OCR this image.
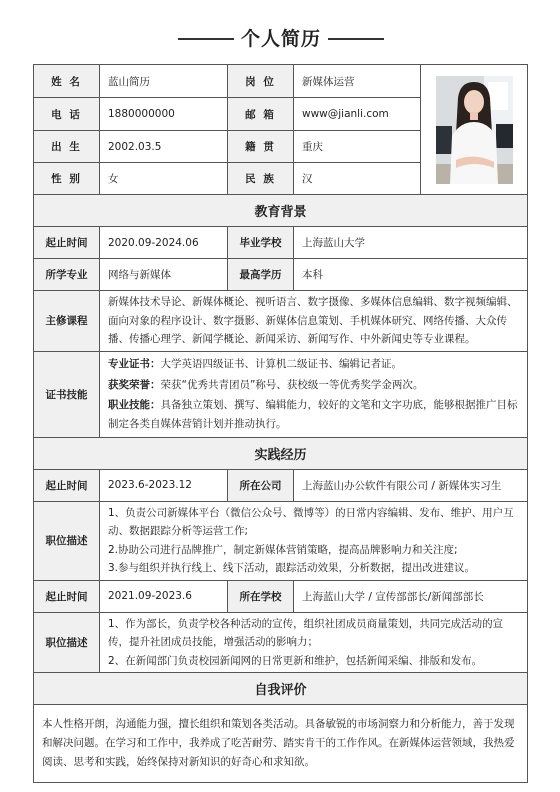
个人简历
姓 名	蓝山简历	岗 位	新媒体运营	

电 话	1880000000	邮 箱	www@jianli.com	
出 生	2002.03.5	籍 贯	重庆	
性 别	女	民 族	汉	
教育背景				
起止时间	2020.09-2024.06	毕业学校	上海蓝山大学	
所学专业	网络与新媒体	最高学历	本科	
主修课程	新媒体技术导论、新媒体概论、视听语言、数字摄像、多媒体信息编辑、数字视频编辑、面向对象的程序设计、数字摄影、新媒体信息策划、手机媒体研究、网络传播、大众传播、传播心理学、新闻学概论、新闻采访、新闻写作、中外新闻史等专业课程。			

证书技能	专业证书：大学英语四级证书、计算机二级证书、编辑记者证。
获奖荣誉：荣获“优秀共青团员”称号、获校级一等优秀奖学金两次。
职业技能：具备独立策划、撰写、编辑能力，较好的文笔和文字功底，能够根据推广目标制定各类自媒体营销计划并推动执行。			

实践经历				
起止时间	2023.6-2023.12	所在公司	上海蓝山办公软件有限公司 / 新媒体实习生	
职位描述	1、负责公司新媒体平台（微信公众号、微博等）的日常内容编辑、发布、维护、用户互动、数据跟踪分析等运营工作;
2.协助公司进行品牌推广，制定新媒体营销策略，提高品牌影响力和关注度;
3.参与组织并执行线上、线下活动，跟踪活动效果，分析数据，提出改进建议。			

起止时间	2021.09-2023.6	所在学校	上海蓝山大学 / 宣传部部长/新闻部部长	
职位描述	1、作为部长，负责学校各种活动的宣传，组织社团成员商量策划，共同完成活动的宣传，提升社团成员技能，增强活动的影响力；
2、在新闻部门负责校园新闻网的日常更新和维护，包括新闻采编、排版和发布。			

自我评价				

本人性格开朗，沟通能力强，擅长组织和策划各类活动。具备敏锐的市场洞察力和分析能力，善于发现和解决问题。在学习和工作中，我养成了吃苦耐劳、踏实肯干的工作作风。在新媒体运营领域，我热爱阅读、思考和实践，始终保持对新知识的好奇心和求知欲。				
